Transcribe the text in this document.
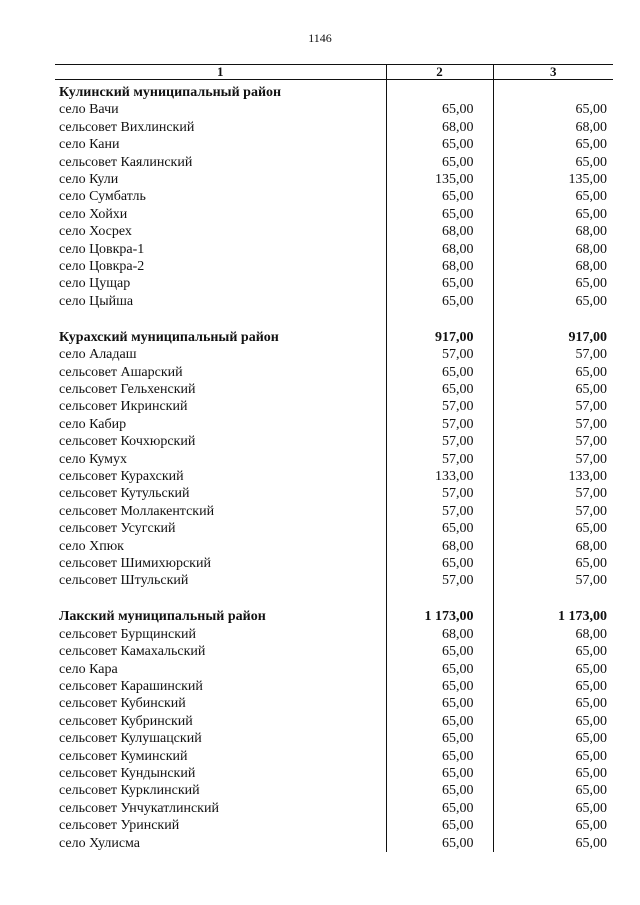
1146
1	2	3
Кулинский муниципальный район		
село Вачи	65,00	65,00
сельсовет Вихлинский	68,00	68,00
село Кани	65,00	65,00
сельсовет Каялинский	65,00	65,00
село Кули	135,00	135,00
село Сумбатль	65,00	65,00
село Хойхи	65,00	65,00
село Хосрех	68,00	68,00
село Цовкра-1	68,00	68,00
село Цовкра-2	68,00	68,00
село Цущар	65,00	65,00
село Цыйша	65,00	65,00

Курахский муниципальный район	917,00	917,00
село Аладаш	57,00	57,00
сельсовет Ашарский	65,00	65,00
сельсовет Гельхенский	65,00	65,00
сельсовет Икринский	57,00	57,00
село Кабир	57,00	57,00
сельсовет Кочхюрский	57,00	57,00
село Кумух	57,00	57,00
сельсовет Курахский	133,00	133,00
сельсовет Кутульский	57,00	57,00
сельсовет Моллакентский	57,00	57,00
сельсовет Усугский	65,00	65,00
село Хпюк	68,00	68,00
сельсовет Шимихюрский	65,00	65,00
сельсовет Штульский	57,00	57,00

Лакский муниципальный район	1 173,00	1 173,00
сельсовет Бурщинский	68,00	68,00
сельсовет Камахальский	65,00	65,00
село Кара	65,00	65,00
сельсовет Карашинский	65,00	65,00
сельсовет Кубинский	65,00	65,00
сельсовет Кубринский	65,00	65,00
сельсовет Кулушацский	65,00	65,00
сельсовет Куминский	65,00	65,00
сельсовет Кундынский	65,00	65,00
сельсовет Курклинский	65,00	65,00
сельсовет Унчукатлинский	65,00	65,00
сельсовет Уринский	65,00	65,00
село Хулисма	65,00	65,00
